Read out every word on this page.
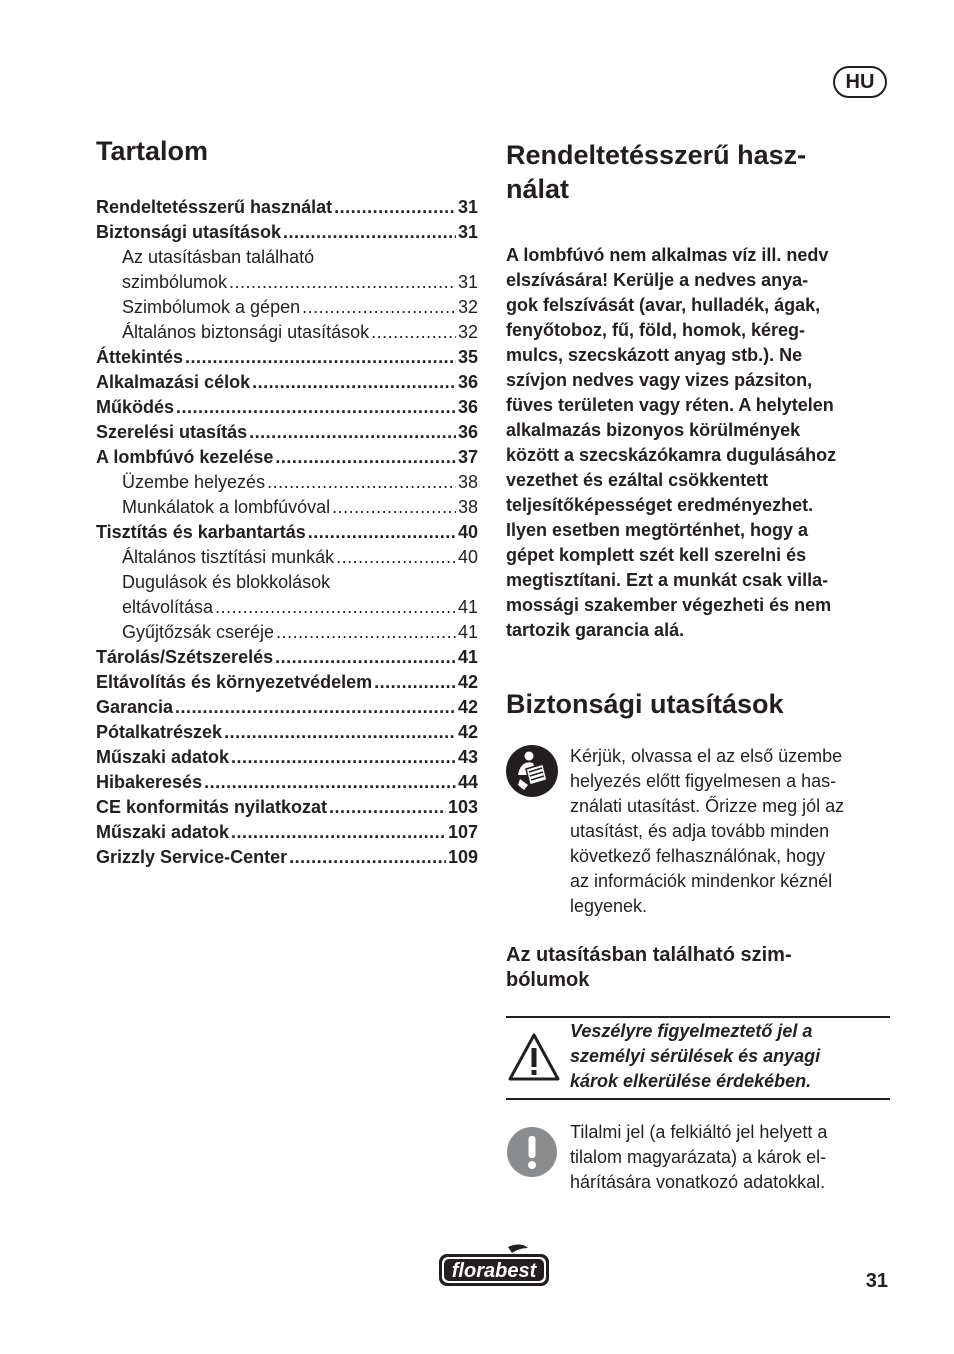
HU
Tartalom
Rendeltetésszerű használat .....	31
Biztonsági utasítások .....	31
Az utasításban található
szimbólumok .....	31
Szimbólumok a gépen .....	32
Általános biztonsági utasítások .....	32
Áttekintés .....	35
Alkalmazási célok .....	36
Működés .....	36
Szerelési utasítás .....	36
A lombfúvó kezelése .....	37
Üzembe helyezés .....	38
Munkálatok a lombfúvóval .....	38
Tisztítás és karbantartás .....	40
Általános tisztítási munkák .....	40
Dugulások és blokkolások
eltávolítása .....	41
Gyűjtőzsák cseréje .....	41
Tárolás/Szétszerelés .....	41
Eltávolítás és környezetvédelem .....	42
Garancia .....	42
Pótalkatrészek .....	42
Műszaki adatok .....	43
Hibakeresés .....	44
CE konformitás nyilatkozat .....	103
Műszaki adatok .....	107
Grizzly Service-Center .....	109
Rendeltetésszerű hasz-
nálat

A lombfúvó nem alkalmas víz ill. nedv
elszívására! Kerülje a nedves anya-
gok felszívását (avar, hulladék, ágak,
fenyőtoboz, fű, föld, homok, kéreg-
mulcs, szecskázott anyag stb.). Ne
szívjon nedves vagy vizes pázsiton,
füves területen vagy réten. A helytelen
alkalmazás bizonyos körülmények
között a szecskázókamra dugulásához
vezethet és ezáltal csökkentett
teljesítőképességet eredményezhet.
Ilyen esetben megtörténhet, hogy a
gépet komplett szét kell szerelni és
megtisztítani. Ezt a munkát csak villa-
mossági szakember végezheti és nem
tartozik garancia alá.

Biztonsági utasítások

Kérjük, olvassa el az első üzembe
helyezés előtt figyelmesen a has-
ználati utasítást. Őrizze meg jól az
utasítást, és adja tovább minden
következő felhasználónak, hogy
az információk mindenkor kéznél
legyenek.

Az utasításban található szim-
bólumok

Veszélyre figyelmeztető jel a
személyi sérülések és anyagi
károk elkerülése érdekében.

Tilalmi jel (a felkiáltó jel helyett a
tilalom magyarázata) a károk el-
hárítására vonatkozó adatokkal.

florabest	31
